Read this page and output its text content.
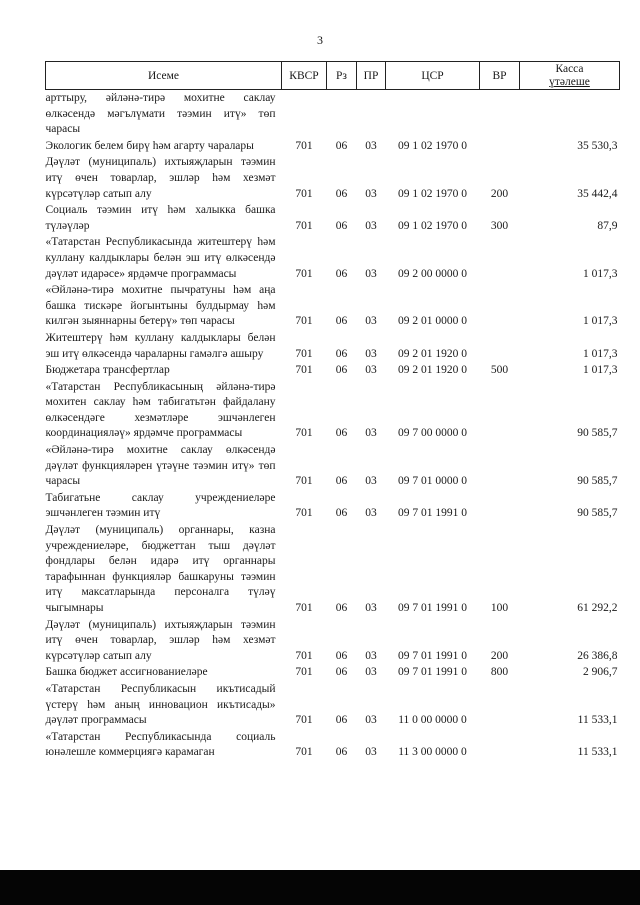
3
Исеме	КВСР	Рз	ПР	ЦСР	ВР	Касса
үтәлеше

арттыру, әйләнә-тирә мохитне саклау өлкәсендә мәгълүмати тәэмин итү» төп чарасы						
Экологик белем бирү һәм агарту чаралары	701	06	03	09 1 02 1970 0		35 530,3
Дәүләт (муниципаль) ихтыяҗларын тәэмин итү өчен товарлар, эшләр һәм хезмәт күрсәтүләр сатып алу	701	06	03	09 1 02 1970 0	200	35 442,4
Социаль тәэмин итү һәм халыкка башка түләүләр	701	06	03	09 1 02 1970 0	300	87,9
«Татарстан Республикасында житештерү һәм куллану калдыклары белән эш итү өлкәсендә дәүләт идарәсе» ярдәмче программасы	701	06	03	09 2 00 0000 0		1 017,3
«Әйләнә-тирә мохитне пычратуны һәм аңа башка тискәре йогынтыны булдырмау һәм килгән зыяннарны бетерү» төп чарасы	701	06	03	09 2 01 0000 0		1 017,3
Житештерү һәм куллану калдыклары белән эш итү өлкәсендә чараларны гамәлгә ашыру	701	06	03	09 2 01 1920 0		1 017,3
Бюджетара трансфертлар	701	06	03	09 2 01 1920 0	500	1 017,3
«Татарстан Республикасының әйләнә-тирә мохитен саклау һәм табигатьтән файдалану өлкәсендәге хезмәтләре эшчәнлеген координацияләү» ярдәмче программасы	701	06	03	09 7 00 0000 0		90 585,7
«Әйләнә-тирә мохитне саклау өлкәсендә дәүләт функцияләрен үтәүне тәэмин итү» төп чарасы	701	06	03	09 7 01 0000 0		90 585,7
Табигатьне саклау учреждениеләре эшчәнлеген тәэмин итү	701	06	03	09 7 01 1991 0		90 585,7
Дәүләт (муниципаль) органнары, казна учреждениеләре, бюджеттан тыш дәүләт фондлары белән идарә итү органнары тарафыннан функцияләр башкаруны тәэмин итү максатларында персоналга түләү чыгымнары	701	06	03	09 7 01 1991 0	100	61 292,2
Дәүләт (муниципаль) ихтыяҗларын тәэмин итү өчен товарлар, эшләр һәм хезмәт күрсәтүләр сатып алу	701	06	03	09 7 01 1991 0	200	26 386,8
Башка бюджет ассигнованиеләре	701	06	03	09 7 01 1991 0	800	2 906,7
«Татарстан Республикасын икътисадый үстерү һәм аның инновацион икътисады» дәүләт программасы	701	06	03	11 0 00 0000 0		11 533,1
«Татарстан Республикасында социаль юнәлешле коммерциягә карамаган	701	06	03	11 3 00 0000 0		11 533,1
